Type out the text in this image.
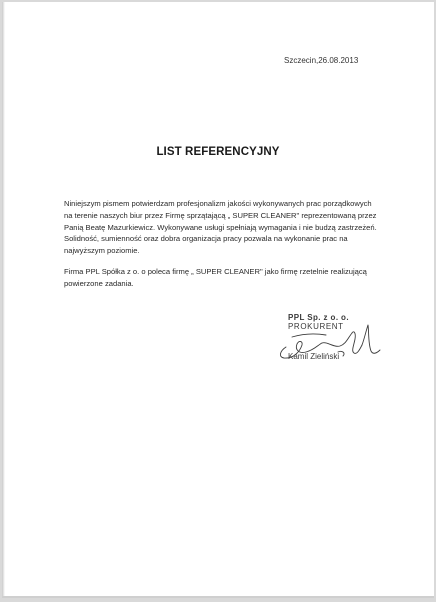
Szczecin,26.08.2013
LIST REFERENCYJNY
Niniejszym pismem potwierdzam profesjonalizm jakości wykonywanych prac porządkowych
na terenie naszych biur przez Firmę sprzątającą „ SUPER CLEANER" reprezentowaną przez
Panią Beatę Mazurkiewicz. Wykonywane usługi spełniają wymagania i nie budzą zastrzeżeń.
Solidność, sumienność oraz dobra organizacja pracy pozwala na wykonanie prac na
najwyższym poziomie.
Firma PPL Spółka z o. o poleca firmę „ SUPER CLEANER" jako firmę rzetelnie realizującą
powierzone zadania.
PPL Sp. z o. o.
PROKURENT
Kamil Zieliński
